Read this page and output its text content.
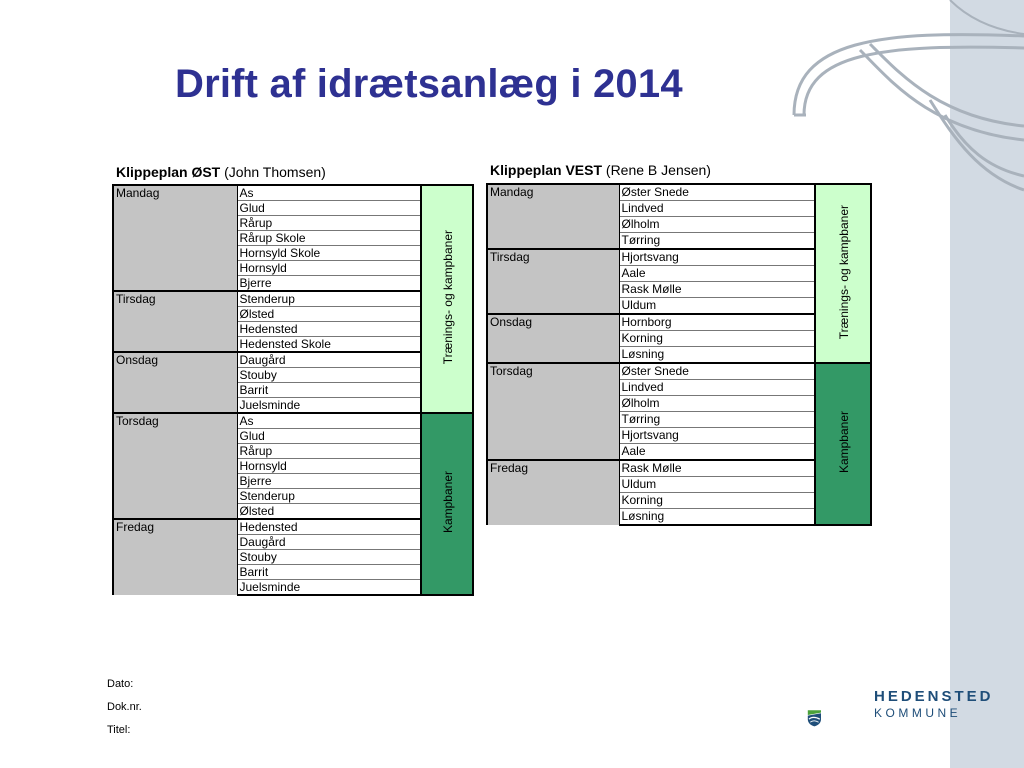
Drift af idrætsanlæg i 2014
Klippeplan ØST (John Thomsen)
Mandag	As	Trænings- og kampbaner
	Glud	
	Rårup	
	Rårup Skole	
	Hornsyld Skole	
	Hornsyld	
	Bjerre	
Tirsdag	Stenderup	
	Ølsted	
	Hedensted	
	Hedensted Skole	
Onsdag	Daugård	
	Stouby	
	Barrit	
	Juelsminde	
Torsdag	As	Kampbaner
	Glud	
	Rårup	
	Hornsyld	
	Bjerre	
	Stenderup	
	Ølsted	
Fredag	Hedensted	
	Daugård	
	Stouby	
	Barrit	
	Juelsminde	
Klippeplan VEST (Rene B Jensen)
Mandag	Øster Snede	Trænings- og kampbaner
	Lindved	
	Ølholm	
	Tørring	
Tirsdag	Hjortsvang	
	Aale	
	Rask Mølle	
	Uldum	
Onsdag	Hornborg	
	Korning	
	Løsning	
Torsdag	Øster Snede	Kampbaner
	Lindved	
	Ølholm	
	Tørring	
	Hjortsvang	
	Aale	
Fredag	Rask Mølle	
	Uldum	
	Korning	
	Løsning	
Dato:
Dok.nr.
Titel:
HEDENSTED
KOMMUNE
